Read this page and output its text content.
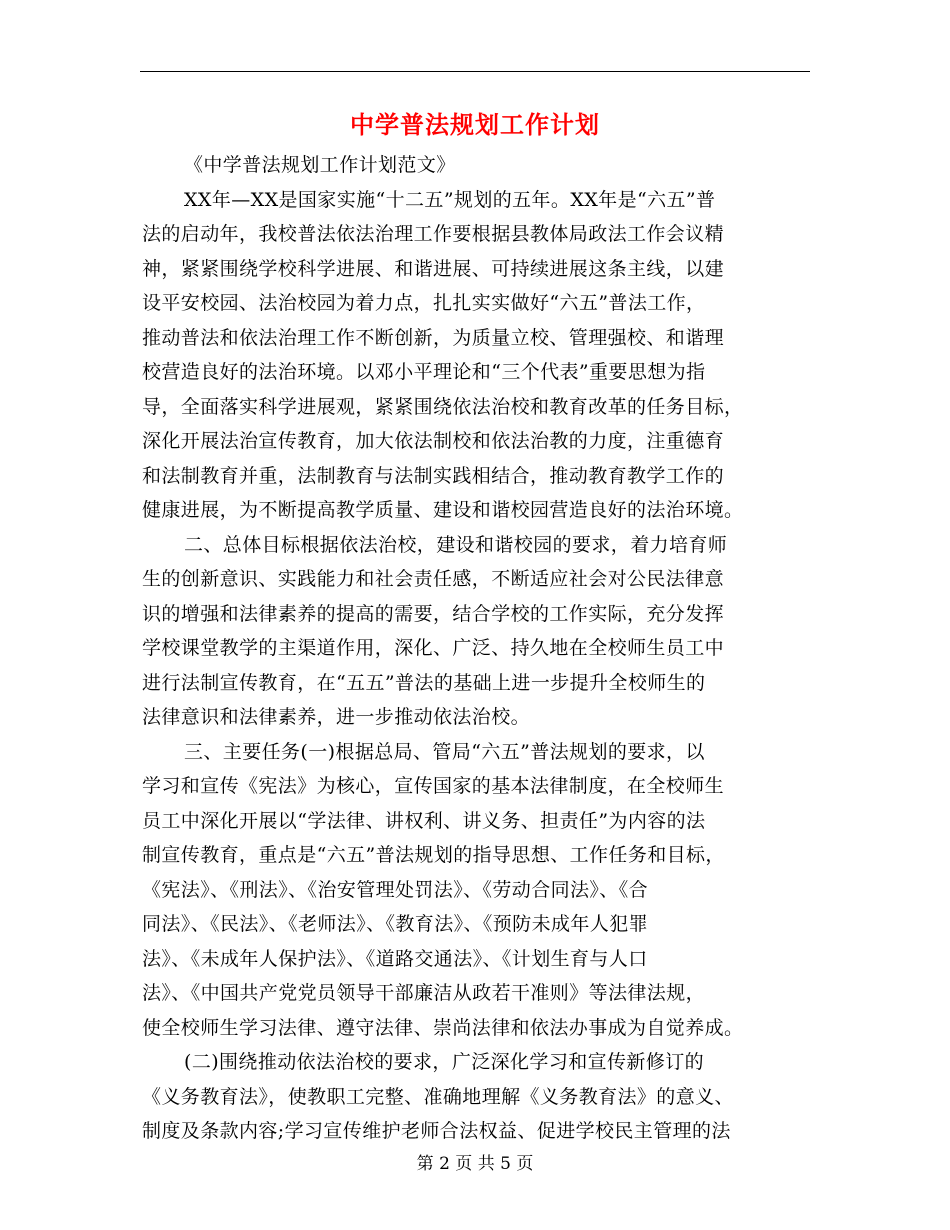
中学普法规划工作计划
《中学普法规划工作计划范文》
XX年—XX是国家实施“十二五”规划的五年。XX年是“六五”普
法的启动年，我校普法依法治理工作要根据县教体局政法工作会议精
神，紧紧围绕学校科学进展、和谐进展、可持续进展这条主线，以建
设平安校园、法治校园为着力点，扎扎实实做好“六五”普法工作，
推动普法和依法治理工作不断创新，为质量立校、管理强校、和谐理
校营造良好的法治环境。以邓小平理论和“三个代表”重要思想为指
导，全面落实科学进展观，紧紧围绕依法治校和教育改革的任务目标，
深化开展法治宣传教育，加大依法制校和依法治教的力度，注重德育
和法制教育并重，法制教育与法制实践相结合，推动教育教学工作的
健康进展，为不断提高教学质量、建设和谐校园营造良好的法治环境。
二、总体目标根据依法治校，建设和谐校园的要求，着力培育师
生的创新意识、实践能力和社会责任感，不断适应社会对公民法律意
识的增强和法律素养的提高的需要，结合学校的工作实际，充分发挥
学校课堂教学的主渠道作用，深化、广泛、持久地在全校师生员工中
进行法制宣传教育，在“五五”普法的基础上进一步提升全校师生的
法律意识和法律素养，进一步推动依法治校。
三、主要任务(一)根据总局、管局“六五”普法规划的要求，以
学习和宣传《宪法》为核心，宣传国家的基本法律制度，在全校师生
员工中深化开展以“学法律、讲权利、讲义务、担责任”为内容的法
制宣传教育，重点是“六五”普法规划的指导思想、工作任务和目标，
《宪法》、《刑法》、《治安管理处罚法》、《劳动合同法》、《合
同法》、《民法》、《老师法》、《教育法》、《预防未成年人犯罪
法》、《未成年人保护法》、《道路交通法》、《计划生育与人口
法》、《中国共产党党员领导干部廉洁从政若干准则》等法律法规，
使全校师生学习法律、遵守法律、崇尚法律和依法办事成为自觉养成。
(二)围绕推动依法治校的要求，广泛深化学习和宣传新修订的
《义务教育法》，使教职工完整、准确地理解《义务教育法》的意义、
制度及条款内容;学习宣传维护老师合法权益、促进学校民主管理的法
第 2 页 共 5 页
